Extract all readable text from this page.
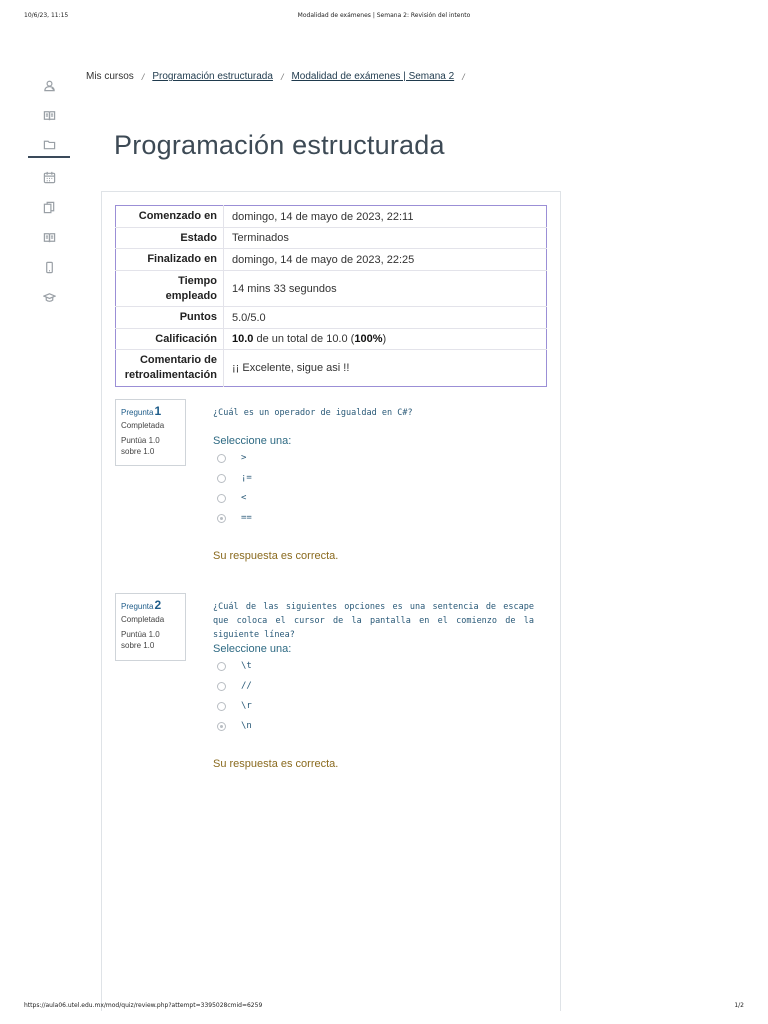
10/6/23, 11:15	Modalidad de exámenes | Semana 2: Revisión del intento
Mis cursos / Programación estructurada / Modalidad de exámenes | Semana 2 /
Programación estructurada
Comenzado en	domingo, 14 de mayo de 2023, 22:11
Estado	Terminados
Finalizado en	domingo, 14 de mayo de 2023, 22:25

Tiempo
empleado	14 mins 33 segundos
Puntos	5.0/5.0
Calificación	10.0 de un total de 10.0 (100%)

Comentario de
retroalimentación	¡¡ Excelente, sigue asi !!
Pregunta1
Completada
Puntúa 1.0
sobre 1.0
¿Cuál es un operador de igualdad en C#?
Seleccione una:
>
¡=
<
==
Su respuesta es correcta.
Pregunta2
Completada
Puntúa 1.0
sobre 1.0
¿Cuál de las siguientes opciones es una sentencia de escape que coloca el cursor de la pantalla en el comienzo de la siguiente línea?
Seleccione una:
\t
//
\r
\n
Su respuesta es correcta.
https://aula06.utel.edu.mx/mod/quiz/review.php?attempt=3395028cmid=6259	1/2
